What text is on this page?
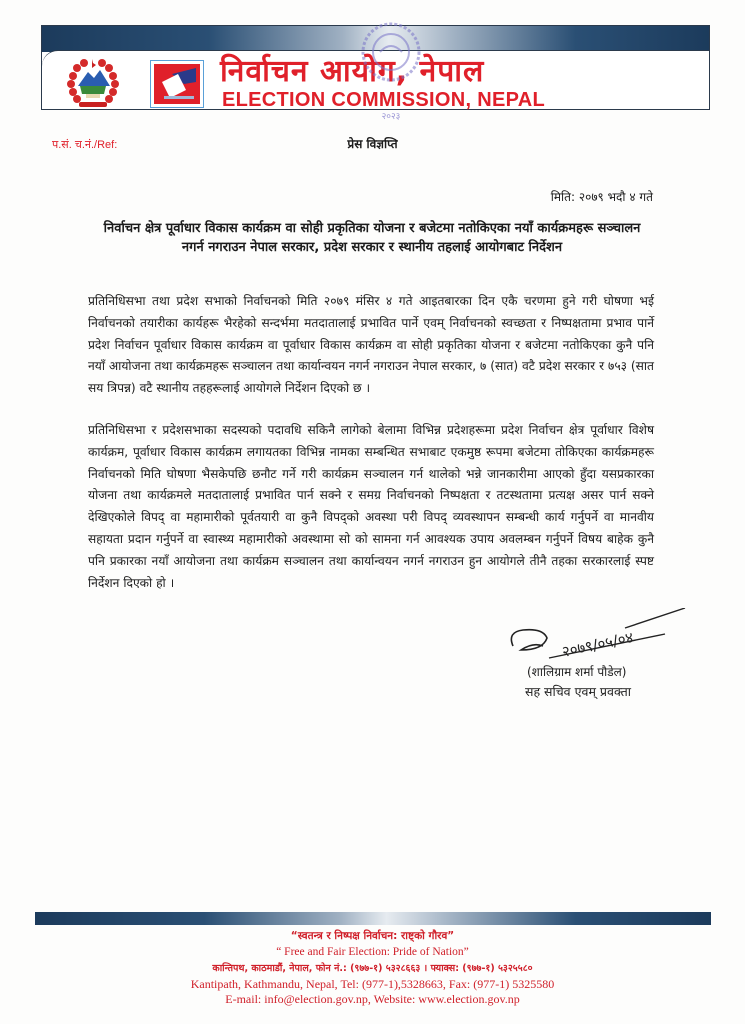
निर्वाचन आयोग, नेपाल
ELECTION COMMISSION, NEPAL
२०२३
प.सं. च.नं./Ref:	प्रेस विज्ञप्ति
मिति: २०७९ भदौ ४ गते
निर्वाचन क्षेत्र पूर्वाधार विकास कार्यक्रम वा सोही प्रकृतिका योजना र बजेटमा नतोकिएका नयाँ कार्यक्रमहरू सञ्चालन नगर्न नगराउन नेपाल सरकार, प्रदेश सरकार र स्थानीय तहलाई आयोगबाट निर्देशन
प्रतिनिधिसभा तथा प्रदेश सभाको निर्वाचनको मिति २०७९ मंसिर ४ गते आइतबारका दिन एकै चरणमा हुने गरी घोषणा भई निर्वाचनको तयारीका कार्यहरू भैरहेको सन्दर्भमा मतदातालाई प्रभावित पार्ने एवम् निर्वाचनको स्वच्छता र निष्पक्षतामा प्रभाव पार्ने प्रदेश निर्वाचन पूर्वाधार विकास कार्यक्रम वा पूर्वाधार विकास कार्यक्रम वा सोही प्रकृतिका योजना र बजेटमा नतोकिएका कुनै पनि नयाँ आयोजना तथा कार्यक्रमहरू सञ्चालन तथा कार्यान्वयन नगर्न नगराउन नेपाल सरकार, ७ (सात) वटै प्रदेश सरकार र ७५३ (सात सय त्रिपन्न) वटै स्थानीय तहहरूलाई आयोगले निर्देशन दिएको छ ।
प्रतिनिधिसभा र प्रदेशसभाका सदस्यको पदावधि सकिनै लागेको बेलामा विभिन्न प्रदेशहरूमा प्रदेश निर्वाचन क्षेत्र पूर्वाधार विशेष कार्यक्रम, पूर्वाधार विकास कार्यक्रम लगायतका विभिन्न नामका सम्बन्धित सभाबाट एकमुष्ठ रूपमा बजेटमा तोकिएका कार्यक्रमहरू निर्वाचनको मिति घोषणा भैसकेपछि छनौट गर्ने गरी कार्यक्रम सञ्चालन गर्न थालेको भन्ने जानकारीमा आएको हुँदा यसप्रकारका योजना तथा कार्यक्रमले मतदातालाई प्रभावित पार्न सक्ने र समग्र निर्वाचनको निष्पक्षता र तटस्थतामा प्रत्यक्ष असर पार्न सक्ने देखिएकोले विपद् वा महामारीको पूर्वतयारी वा कुनै विपद्को अवस्था परी विपद् व्यवस्थापन सम्बन्धी कार्य गर्नुपर्ने वा मानवीय सहायता प्रदान गर्नुपर्ने वा स्वास्थ्य महामारीको अवस्थामा सो को सामना गर्न आवश्यक उपाय अवलम्बन गर्नुपर्ने विषय बाहेक कुनै पनि प्रकारका नयाँ आयोजना तथा कार्यक्रम सञ्चालन तथा कार्यान्वयन नगर्न नगराउन हुन आयोगले तीनै तहका सरकारलाई स्पष्ट निर्देशन दिएको हो ।
२०७९/०५/०४
(शालिग्राम शर्मा पौडेल)
सह सचिव एवम् प्रवक्ता
“स्वतन्त्र र निष्पक्ष निर्वाचन: राष्ट्को गौरव”
“ Free and Fair Election: Pride of Nation”
कान्तिपथ, काठमाडौं, नेपाल, फोन नं.: (९७७-१) ५३२८६६३ । फ्याक्स: (९७७-१) ५३२५५८०
Kantipath, Kathmandu, Nepal, Tel: (977-1),5328663, Fax: (977-1) 5325580
E-mail: info@election.gov.np, Website: www.election.gov.np
